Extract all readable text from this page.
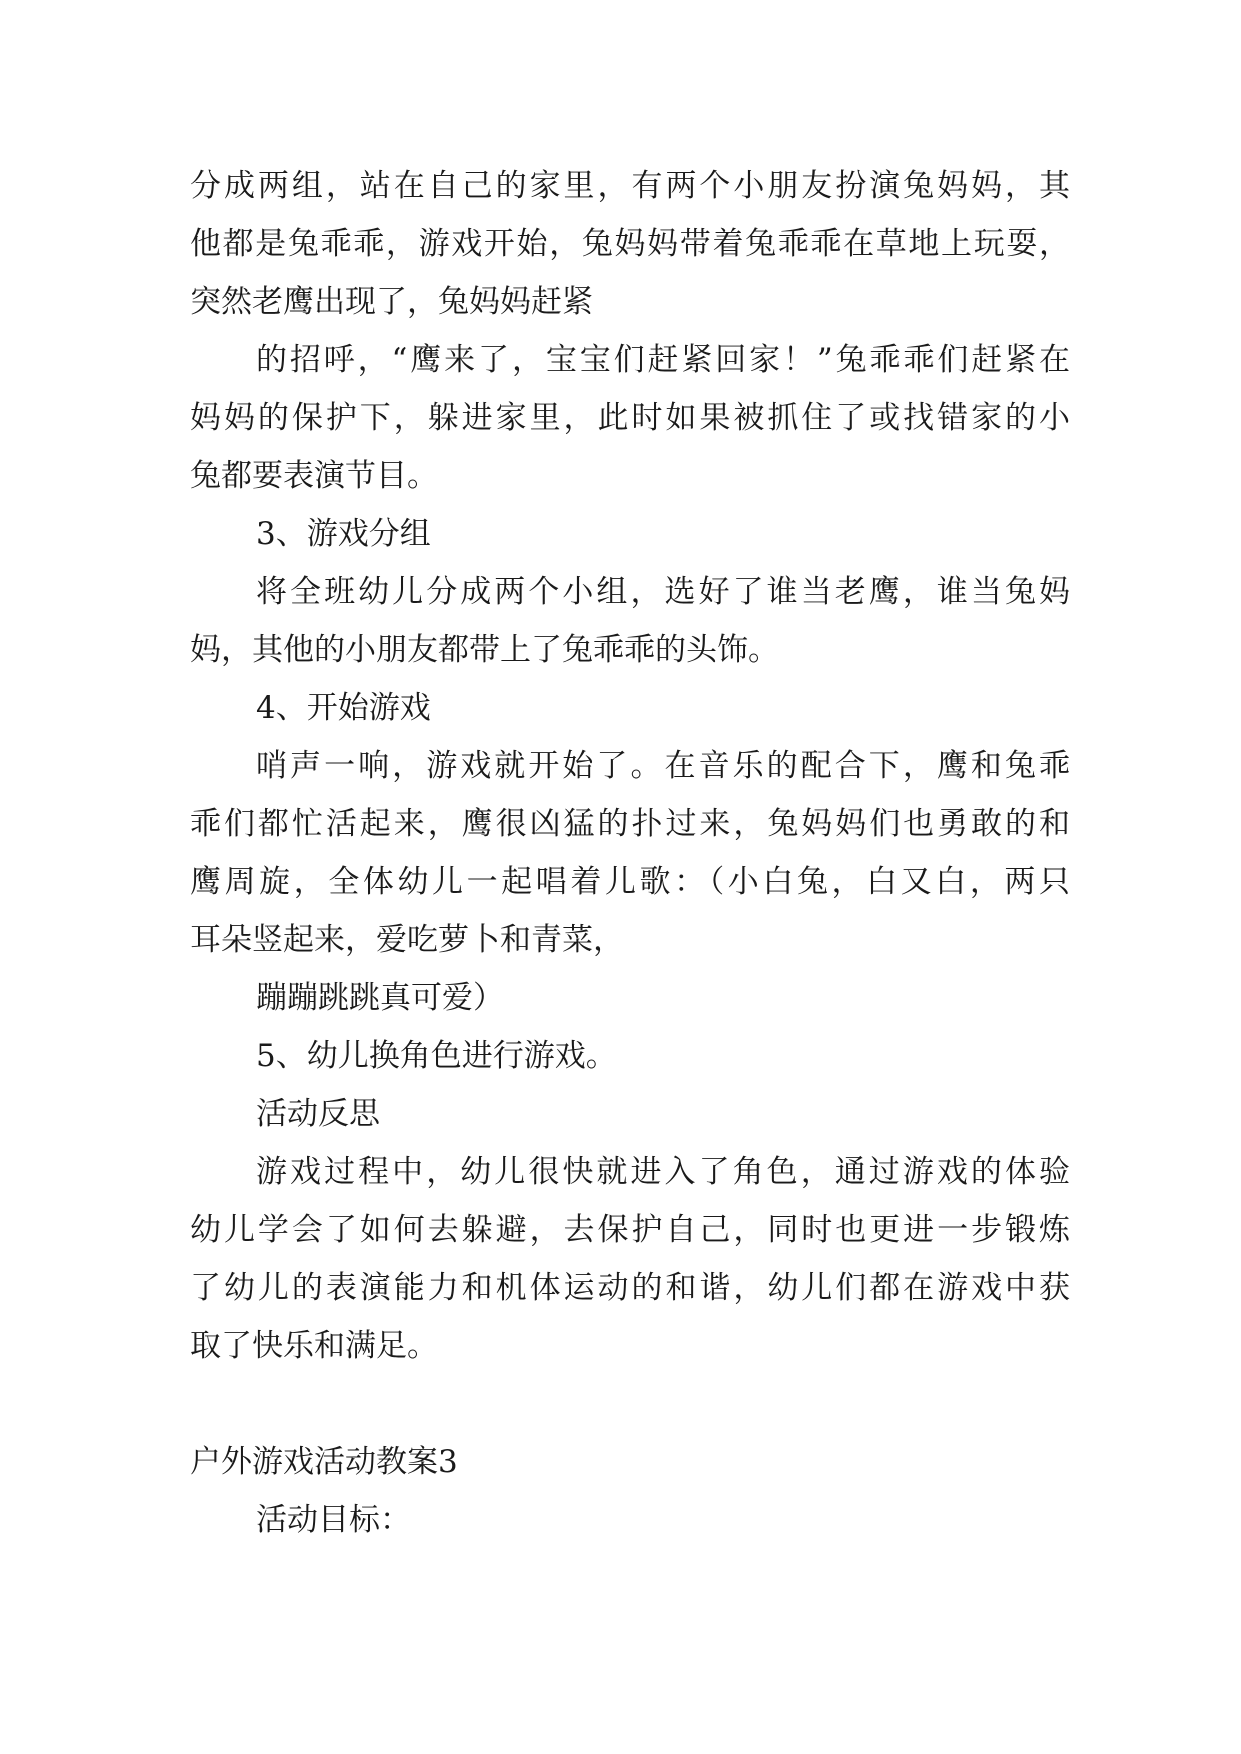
分成两组，站在自己的家里，有两个小朋友扮演兔妈妈，其

他都是兔乖乖，游戏开始，兔妈妈带着兔乖乖在草地上玩耍，

突然老鹰出现了，兔妈妈赶紧

的招呼，“鹰来了，宝宝们赶紧回家！”兔乖乖们赶紧在

妈妈的保护下，躲进家里，此时如果被抓住了或找错家的小

兔都要表演节目。

3、游戏分组

将全班幼儿分成两个小组，选好了谁当老鹰，谁当兔妈

妈，其他的小朋友都带上了兔乖乖的头饰。

4、开始游戏

哨声一响，游戏就开始了。在音乐的配合下，鹰和兔乖

乖们都忙活起来，鹰很凶猛的扑过来，兔妈妈们也勇敢的和

鹰周旋，全体幼儿一起唱着儿歌：（小白兔，白又白，两只

耳朵竖起来，爱吃萝卜和青菜，

蹦蹦跳跳真可爱）

5、幼儿换角色进行游戏。

活动反思

游戏过程中，幼儿很快就进入了角色，通过游戏的体验

幼儿学会了如何去躲避，去保护自己，同时也更进一步锻炼

了幼儿的表演能力和机体运动的和谐，幼儿们都在游戏中获

取了快乐和满足。

户外游戏活动教案3

活动目标：
